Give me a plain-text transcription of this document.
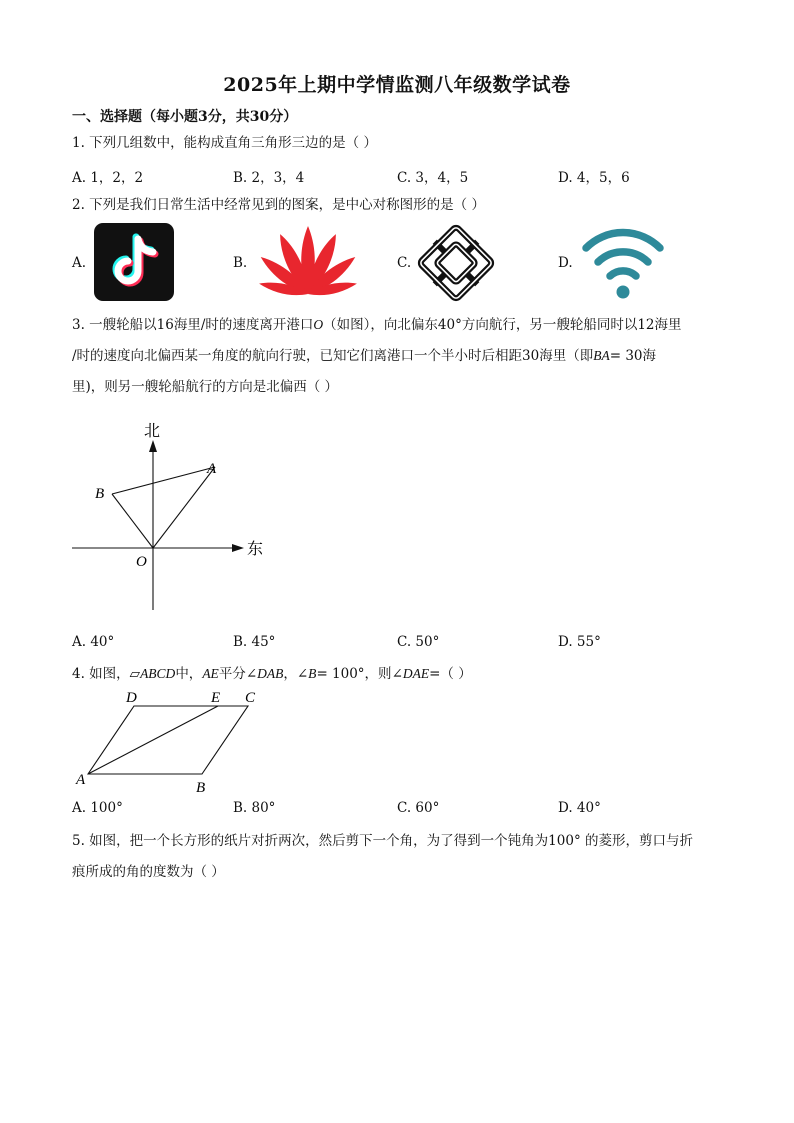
2025年上期中学情监测八年级数学试卷
一、选择题（每小题3分，共30分）
1. 下列几组数中，能构成直角三角形三边的是（ ）
A. 1，2，2	B. 2，3，4	C. 3，4，5	D. 4，5，6
2. 下列是我们日常生活中经常见到的图案，是中心对称图形的是（ ）
A.	B.	C.	D.
3. 一艘轮船以16海里/时的速度离开港口O（如图），向北偏东40°方向航行，另一艘轮船同时以12海里
/时的速度向北偏西某一角度的航向行驶，已知它们离港口一个半小时后相距30海里（即BA= 30海
里)，则另一艘轮船航行的方向是北偏西（ ）
北
东
A
B
O
A. 40°	B. 45°	C. 50°	D. 55°
4. 如图，▱ABCD中，AE平分∠DAB，∠B= 100°，则∠DAE=（ ）
A	B
C
D	E
A. 100°	B. 80°	C. 60°	D. 40°
5. 如图，把一个长方形的纸片对折两次，然后剪下一个角，为了得到一个钝角为100° 的菱形，剪口与折
痕所成的角的度数为（ ）
